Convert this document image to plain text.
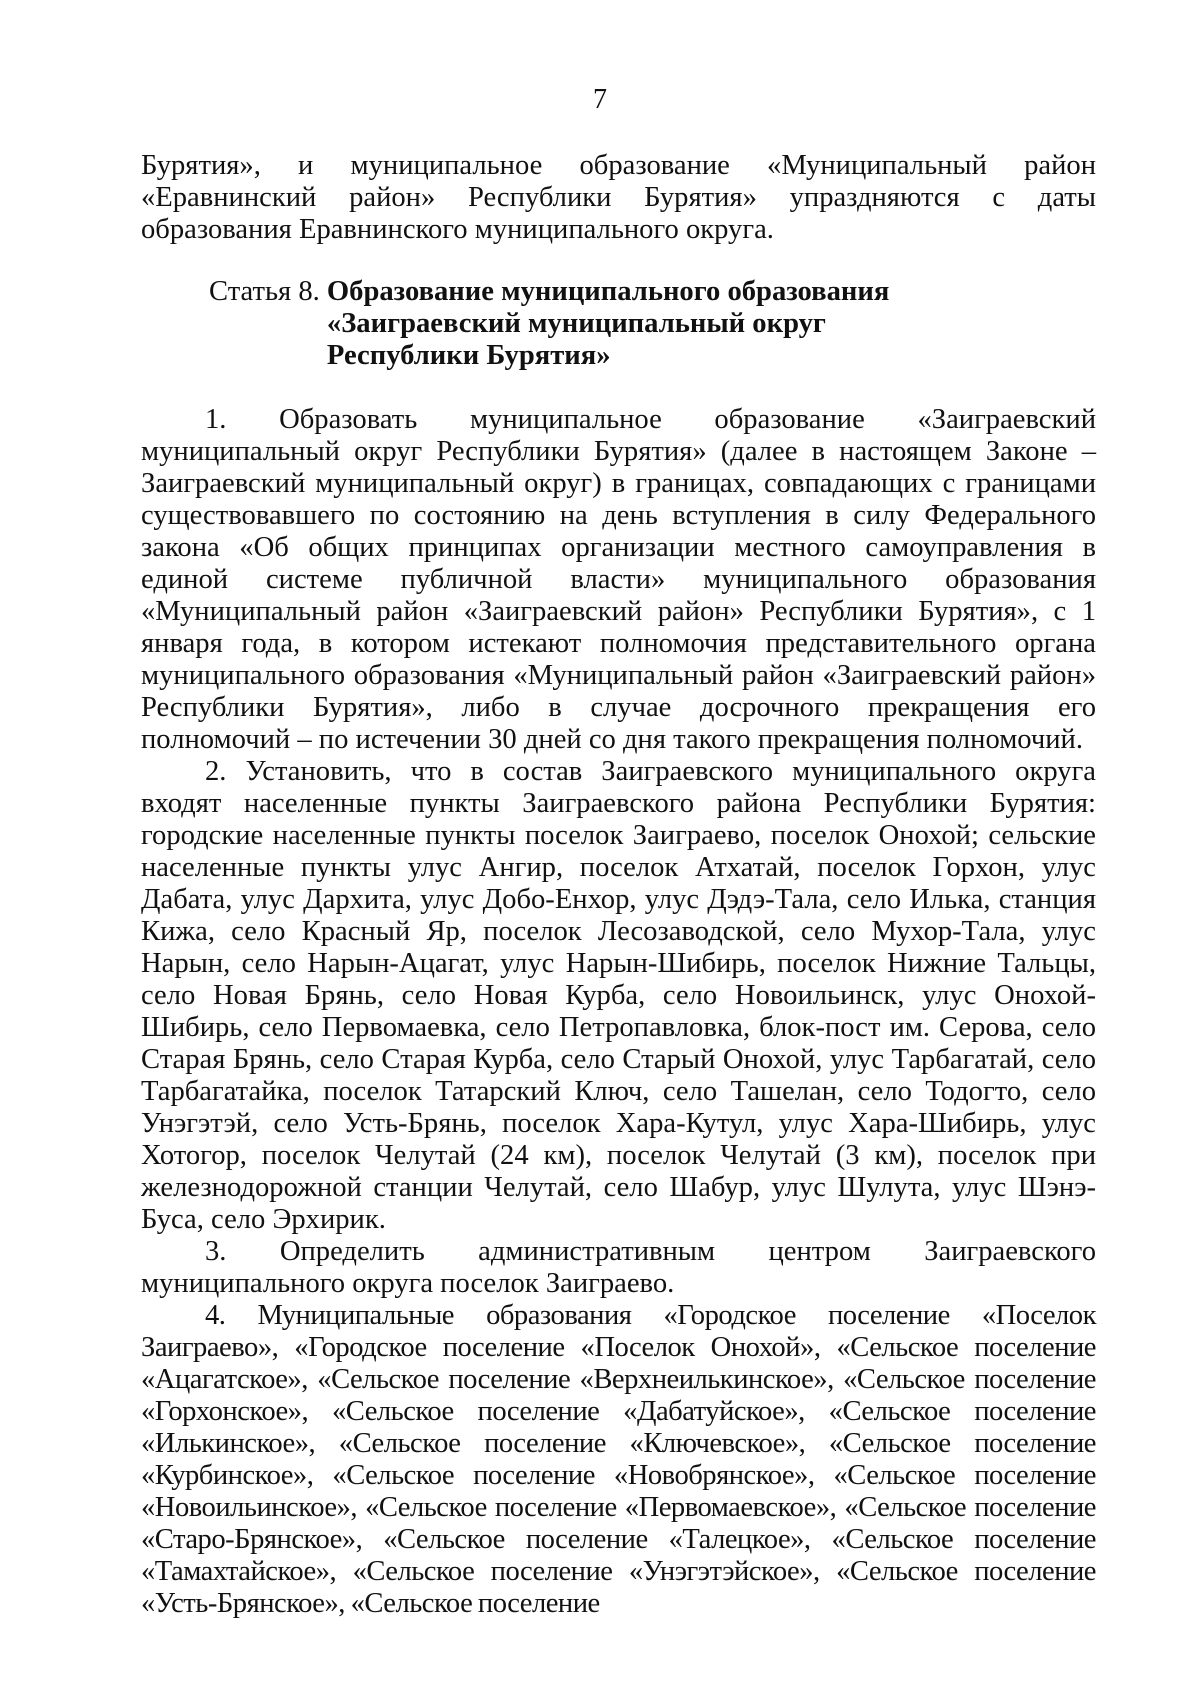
7

Бурятия», и муниципальное образование «Муниципальный район «Еравнинский район» Республики Бурятия» упраздняются с даты образования Еравнинского муниципального округа.

Статья 8. Образование муниципального образования
«Заиграевский муниципальный округ
Республики Бурятия»

1. Образовать муниципальное образование «Заиграевский муниципальный округ Республики Бурятия» (далее в настоящем Законе – Заиграевский муниципальный округ) в границах, совпадающих с границами существовавшего по состоянию на день вступления в силу Федерального закона «Об общих принципах организации местного самоуправления в единой системе публичной власти» муниципального образования «Муниципальный район «Заиграевский район» Республики Бурятия», с 1 января года, в котором истекают полномочия представительного органа муниципального образования «Муниципальный район «Заиграевский район» Республики Бурятия», либо в случае досрочного прекращения его полномочий – по истечении 30 дней со дня такого прекращения полномочий.

2. Установить, что в состав Заиграевского муниципального округа входят населенные пункты Заиграевского района Республики Бурятия: городские населенные пункты поселок Заиграево, поселок Онохой; сельские населенные пункты улус Ангир, поселок Атхатай, поселок Горхон, улус Дабата, улус Дархита, улус Добо-Енхор, улус Дэдэ-Тала, село Илька, станция Кижа, село Красный Яр, поселок Лесозаводской, село Мухор-Тала, улус Нарын, село Нарын-Ацагат, улус Нарын-Шибирь, поселок Нижние Тальцы, село Новая Брянь, село Новая Курба, село Новоильинск, улус Онохой-Шибирь, село Первомаевка, село Петропавловка, блок-пост им. Серова, село Старая Брянь, село Старая Курба, село Старый Онохой, улус Тарбагатай, село Тарбагатайка, поселок Татарский Ключ, село Ташелан, село Тодогто, село Унэгэтэй, село Усть-Брянь, поселок Хара-Кутул, улус Хара-Шибирь, улус Хотогор, поселок Челутай (24 км), поселок Челутай (3 км), поселок при железнодорожной станции Челутай, село Шабур, улус Шулута, улус Шэнэ-Буса, село Эрхирик.

3. Определить административным центром Заиграевского муниципального округа поселок Заиграево.

4. Муниципальные образования «Городское поселение «Поселок Заиграево», «Городское поселение «Поселок Онохой», «Сельское поселение «Ацагатское», «Сельское поселение «Верхнеилькинское», «Сельское поселение «Горхонское», «Сельское поселение «Дабатуйское», «Сельское поселение «Илькинское», «Сельское поселение «Ключевское», «Сельское поселение «Курбинское», «Сельское поселение «Новобрянское», «Сельское поселение «Новоильинское», «Сельское поселение «Первомаевское», «Сельское поселение «Старо-Брянское», «Сельское поселение «Талецкое», «Сельское поселение «Тамахтайское», «Сельское поселение «Унэгэтэйское», «Сельское поселение «Усть-Брянское», «Сельское поселение
